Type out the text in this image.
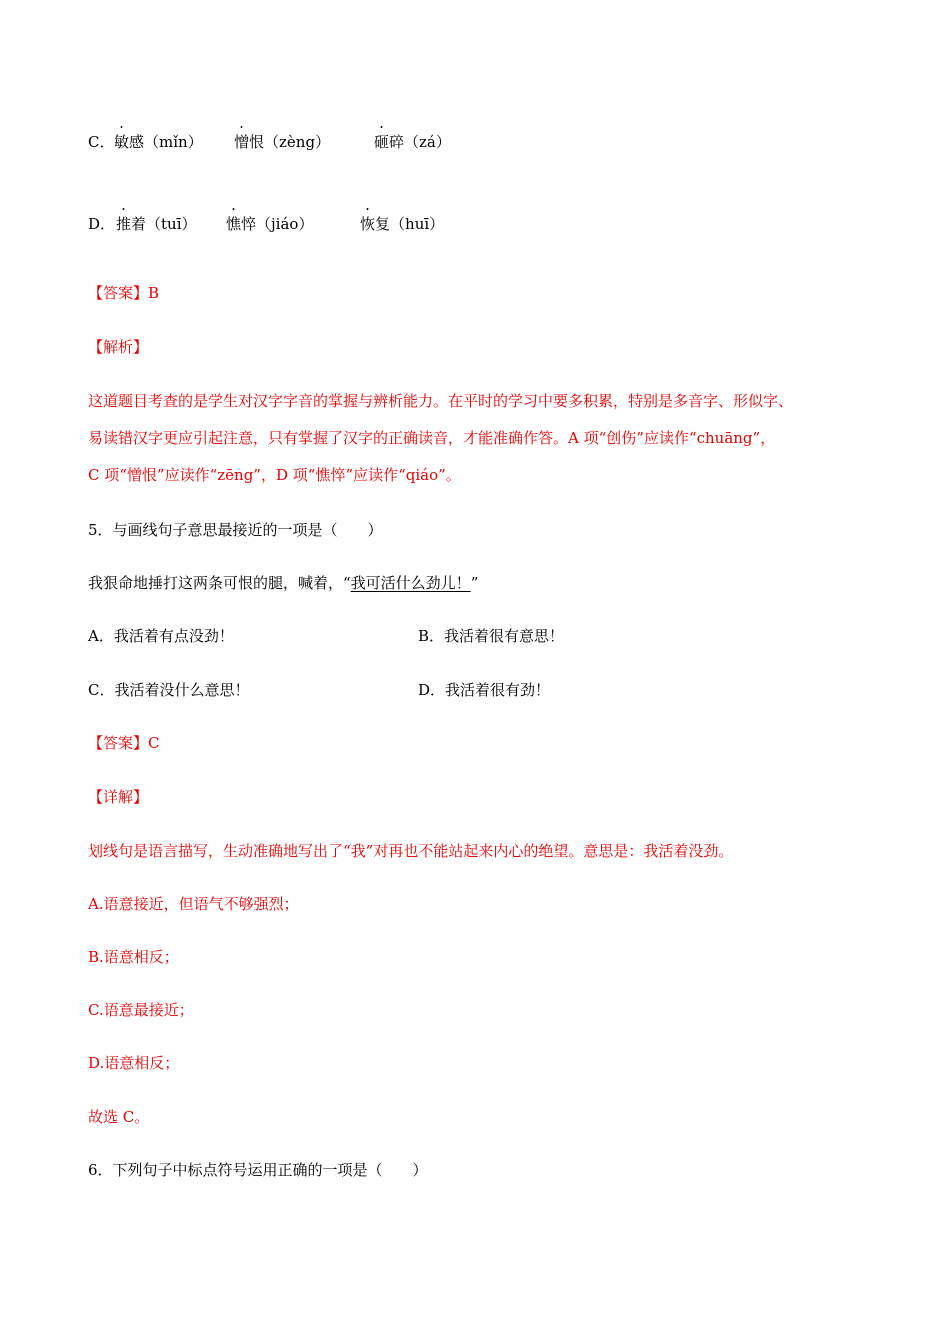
C． 敏感（mǐn） 憎恨（zèng）	砸碎（zá）
D． 推着（tuī） 憔悴（jiáo）	恢复（huī）
【答案】B
【解析】
这道题目考查的是学生对汉字字音的掌握与辨析能力。在平时的学习中要多积累，特别是多音字、形似字、
易读错汉字更应引起注意，只有掌握了汉字的正确读音，才能准确作答。A 项“创伤”应读作“chuāng”，
C 项“憎恨”应读作“zēng”，D 项“憔悴”应读作“qiáo”。
5．与画线句子意思最接近的一项是（　　）
我狠命地捶打这两条可恨的腿，喊着，“我可活什么劲儿！”
A．我活着有点没劲！	B．我活着很有意思！
C．我活着没什么意思！	D．我活着很有劲！
【答案】C
【详解】
划线句是语言描写，生动准确地写出了“我”对再也不能站起来内心的绝望。意思是：我活着没劲。
A.语意接近，但语气不够强烈；
B.语意相反；
C.语意最接近；
D.语意相反；
故选 C。
6．下列句子中标点符号运用正确的一项是（　　）
